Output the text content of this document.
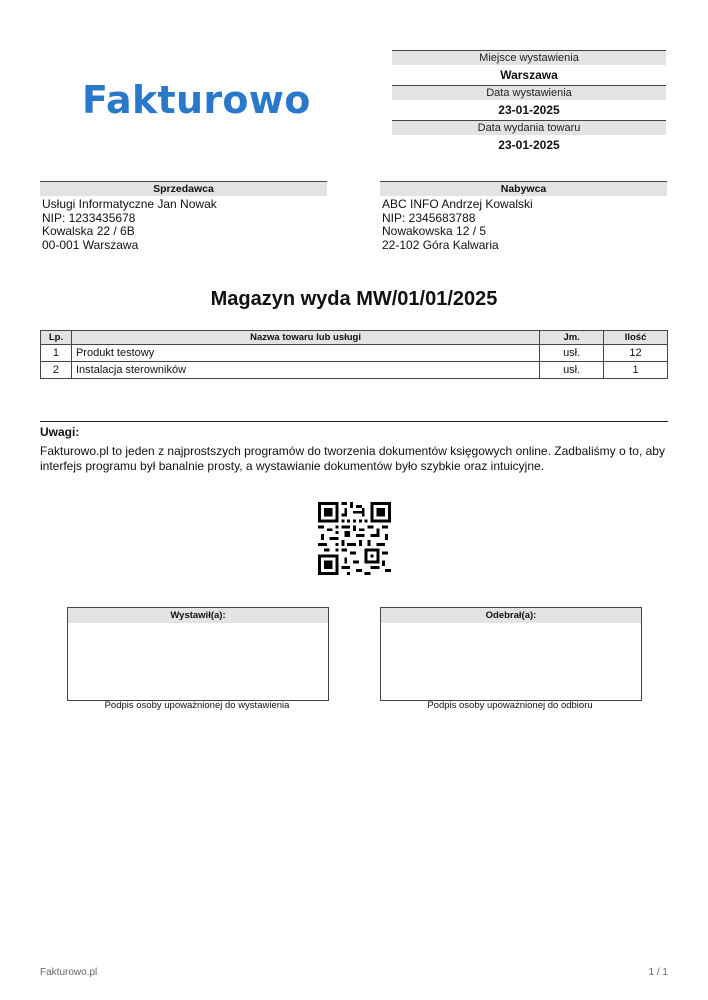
Fakturowo
Miejsce wystawienia
Warszawa
Data wystawienia
23-01-2025
Data wydania towaru
23-01-2025
Sprzedawca
Usługi Informatyczne Jan Nowak
NIP: 1233435678
Kowalska 22 / 6B
00-001 Warszawa
Nabywca
ABC INFO Andrzej Kowalski
NIP: 2345683788
Nowakowska 12 / 5
22-102 Góra Kalwaria
Magazyn wyda MW/01/01/2025
Lp.	Nazwa towaru lub usługi	Jm.	Ilość
1	Produkt testowy	usł.	12
2	Instalacja sterowników	usł.	1
Uwagi:
Fakturowo.pl to jeden z najprostszych programów do tworzenia dokumentów księgowych online. Zadbaliśmy o to, aby interfejs programu był banalnie prosty, a wystawianie dokumentów było szybkie oraz intuicyjne.
Wystawił(a):
Podpis osoby upoważnionej do wystawienia
Odebrał(a):
Podpis osoby upoważnionej do odbioru
Fakturowo.pl	1 / 1
